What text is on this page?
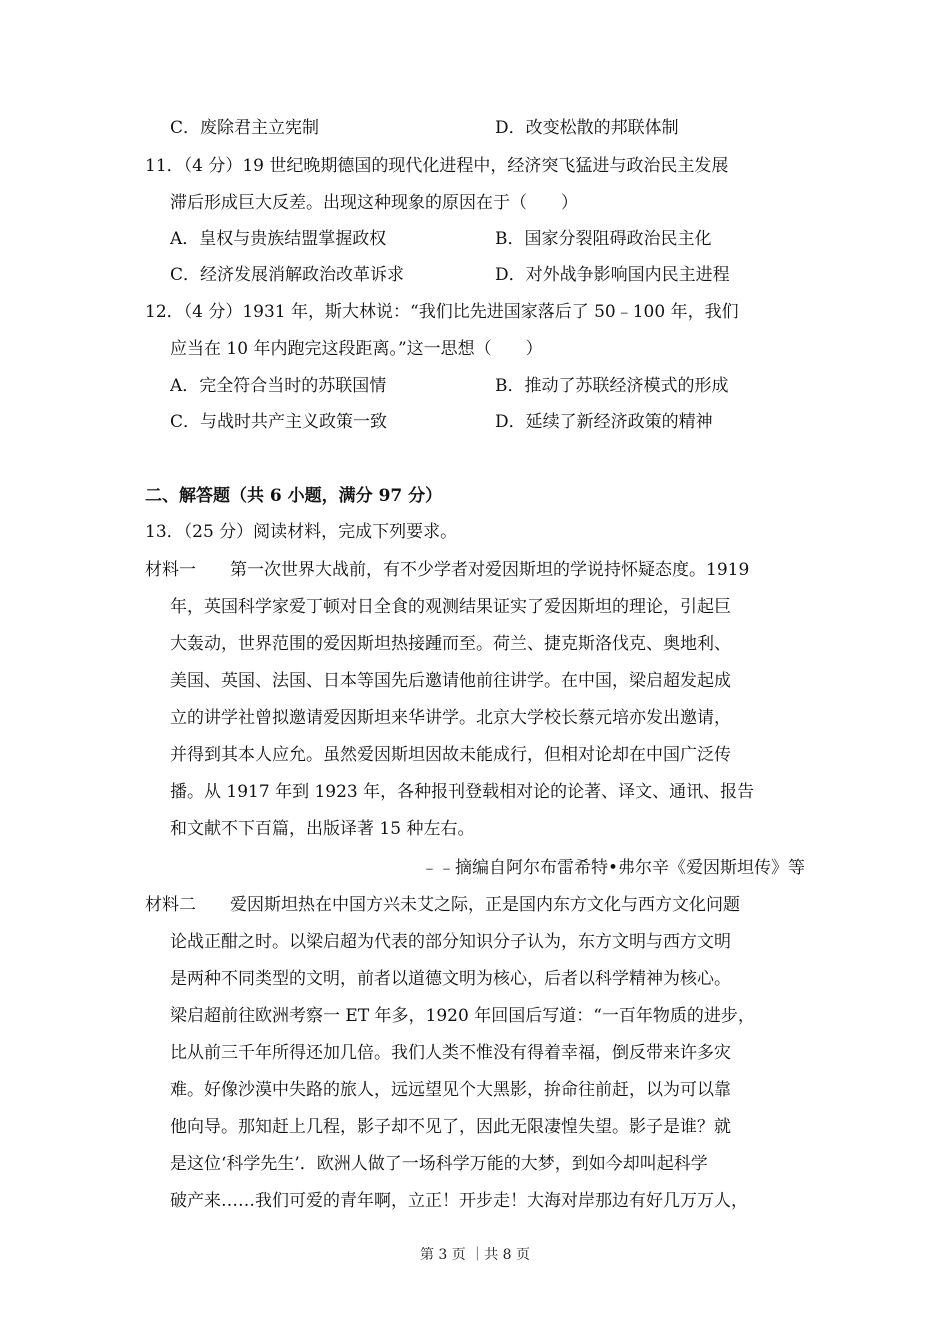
C．废除君主立宪制	D．改变松散的邦联体制
11．（4 分）19 世纪晚期德国的现代化进程中，经济突飞猛进与政治民主发展
滞后形成巨大反差。出现这种现象的原因在于（　　）
A．皇权与贵族结盟掌握政权	B．国家分裂阻碍政治民主化
C．经济发展消解政治改革诉求	D．对外战争影响国内民主进程
12．（4 分）1931 年，斯大林说：“我们比先进国家落后了 50﹣100 年，我们
应当在 10 年内跑完这段距离。”这一思想（　　）
A．完全符合当时的苏联国情	B．推动了苏联经济模式的形成
C．与战时共产主义政策一致	D．延续了新经济政策的精神
二、解答题（共 6 小题，满分 97 分）
13．（25 分）阅读材料，完成下列要求。
材料一　　第一次世界大战前，有不少学者对爱因斯坦的学说持怀疑态度。1919
年，英国科学家爱丁顿对日全食的观测结果证实了爱因斯坦的理论，引起巨
大轰动，世界范围的爱因斯坦热接踵而至。荷兰、捷克斯洛伐克、奥地利、
美国、英国、法国、日本等国先后邀请他前往讲学。在中国，梁启超发起成
立的讲学社曾拟邀请爱因斯坦来华讲学。北京大学校长蔡元培亦发出邀请，
并得到其本人应允。虽然爱因斯坦因故未能成行，但相对论却在中国广泛传
播。从 1917 年到 1923 年，各种报刊登载相对论的论著、译文、通讯、报告
和文献不下百篇，出版译著 15 种左右。
﹣﹣摘编自阿尔布雷希特•弗尔辛《爱因斯坦传》等
材料二　　爱因斯坦热在中国方兴未艾之际，正是国内东方文化与西方文化问题
论战正酣之时。以梁启超为代表的部分知识分子认为，东方文明与西方文明
是两种不同类型的文明，前者以道德文明为核心，后者以科学精神为核心。
梁启超前往欧洲考察一 ET 年多，1920 年回国后写道：“一百年物质的进步，
比从前三千年所得还加几倍。我们人类不惟没有得着幸福，倒反带来许多灾
难。好像沙漠中失路的旅人，远远望见个大黑影，拚命往前赶，以为可以靠
他向导。那知赶上几程，影子却不见了，因此无限凄惶失望。影子是谁？就
是这位‘科学先生’．欧洲人做了一场科学万能的大梦，到如今却叫起科学
破产来……我们可爱的青年啊，立正！开步走！大海对岸那边有好几万万人，
第 3 页 ｜共 8 页
